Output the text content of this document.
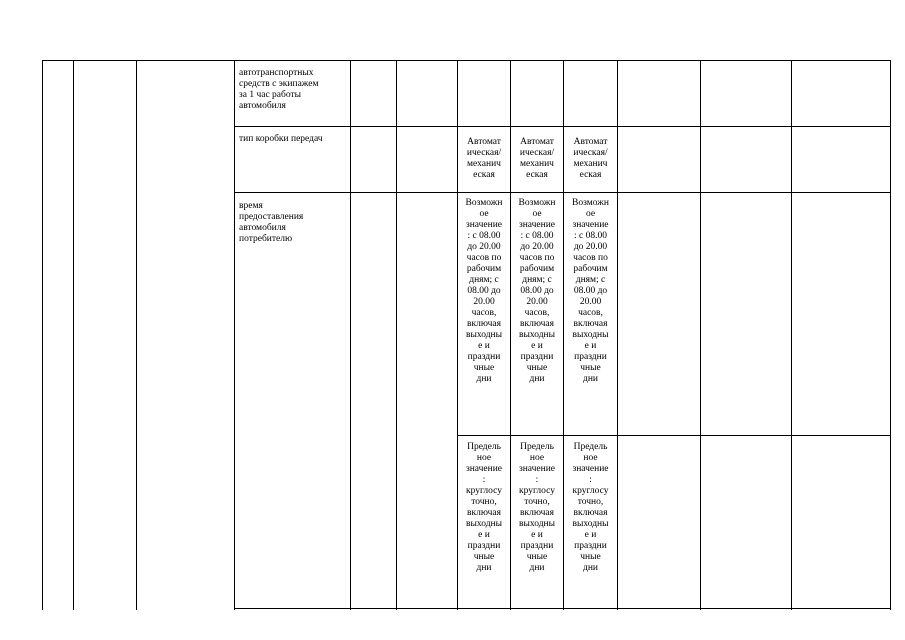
автотранспортных
средств с экипажем
за 1 час работы
автомобиля
тип коробки передач	Автомат
ическая/
механич
еская
Автомат
ическая/
механич
еская
Автомат
ическая/
механич
еская
время
предоставления
автомобиля
потребителю
Возможн
ое
значение
: с 08.00
до 20.00
часов по
рабочим
дням; с
08.00 до
20.00
часов,
включая
выходны
е и
праздни
чные
дни
Возможн
ое
значение
: с 08.00
до 20.00
часов по
рабочим
дням; с
08.00 до
20.00
часов,
включая
выходны
е и
праздни
чные
дни
Возможн
ое
значение
: с 08.00
до 20.00
часов по
рабочим
дням; с
08.00 до
20.00
часов,
включая
выходны
е и
праздни
чные
дни
Предель
ное
значение
:
круглосу
точно,
включая
выходны
е и
праздни
чные
дни
Предель
ное
значение
:
круглосу
точно,
включая
выходны
е и
праздни
чные
дни
Предель
ное
значение
:
круглосу
точно,
включая
выходны
е и
праздни
чные
дни
